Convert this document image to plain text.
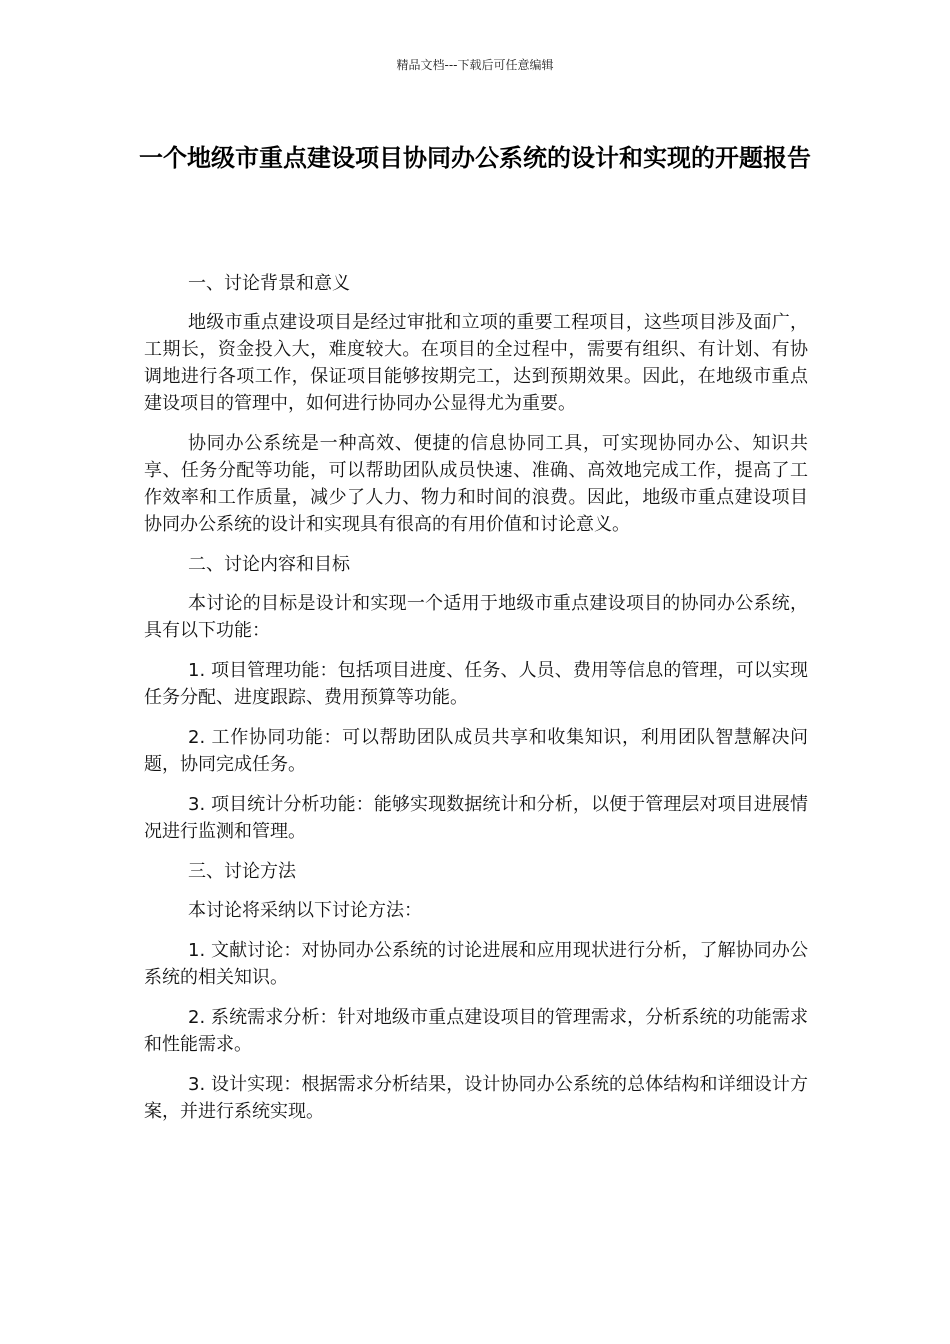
精品文档---下载后可任意编辑
一个地级市重点建设项目协同办公系统的设计和实现的开题报告

一、讨论背景和意义

地级市重点建设项目是经过审批和立项的重要工程项目，这些项目涉及面广，工期长，资金投入大，难度较大。在项目的全过程中，需要有组织、有计划、有协调地进行各项工作，保证项目能够按期完工，达到预期效果。因此，在地级市重点建设项目的管理中，如何进行协同办公显得尤为重要。

协同办公系统是一种高效、便捷的信息协同工具，可实现协同办公、知识共享、任务分配等功能，可以帮助团队成员快速、准确、高效地完成工作，提高了工作效率和工作质量，减少了人力、物力和时间的浪费。因此，地级市重点建设项目协同办公系统的设计和实现具有很高的有用价值和讨论意义。

二、讨论内容和目标

本讨论的目标是设计和实现一个适用于地级市重点建设项目的协同办公系统，具有以下功能：

1. 项目管理功能：包括项目进度、任务、人员、费用等信息的管理，可以实现任务分配、进度跟踪、费用预算等功能。

2. 工作协同功能：可以帮助团队成员共享和收集知识，利用团队智慧解决问题，协同完成任务。

3. 项目统计分析功能：能够实现数据统计和分析，以便于管理层对项目进展情况进行监测和管理。

三、讨论方法

本讨论将采纳以下讨论方法：

1. 文献讨论：对协同办公系统的讨论进展和应用现状进行分析，了解协同办公系统的相关知识。

2. 系统需求分析：针对地级市重点建设项目的管理需求，分析系统的功能需求和性能需求。

3. 设计实现：根据需求分析结果，设计协同办公系统的总体结构和详细设计方案，并进行系统实现。
